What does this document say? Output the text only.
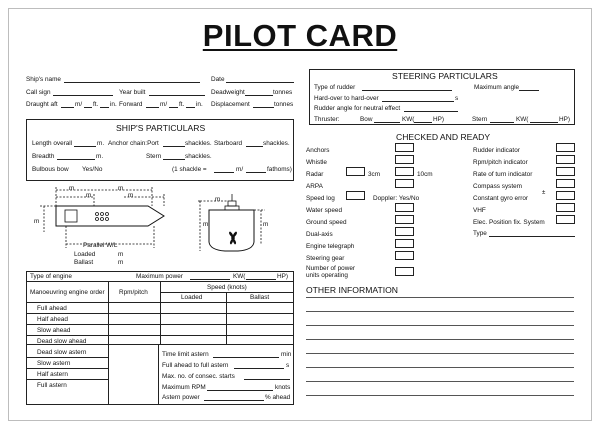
PILOT CARD
Ship's name	Date
Call sign	Year built	Deadweight	tonnes
Draught aft	m/ ft. in. Forward	m/ ft. in. Displacement	tonnes
STEERING PARTICULARS
Type of rudder	Maximum angle
Hard-over to hard-over	s
Rudder angle for neutral effect
Thruster:	Bow	KW(	HP)	Stern	KW(	HP)
SHIP'S PARTICULARS
Length overall	m. Anchor chain:Port	shackles. Starboard	shackles.
Breadth	m.	Stern	shackles.
Bulbous bow Yes/No	(1 shackle =	m/	fathoms)
m	m
m	m
m
m
m	m
Parallel W/L
Loaded	m
Ballast	m
CHECKED AND READY
Anchors
Whistle
Radar	3cm	10cm
ARPA
Speed log	Doppler: Yes/No
Water speed
Ground speed
Dual-axis
Engine telegraph
Steering gear
Number of power
units operating
Rudder indicator
Rpm/pitch indicator
Rate of turn indicator
Compass system
Constant gyro error
±
VHF
Elec. Position fix. System
Type
OTHER INFORMATION
Type of engine	Maximum power	KW(	HP)
Manoeuvring engine order Rpm/pitch
Speed (knots)
Loaded	Ballast
Full ahead
Half ahead
Slow ahead
Dead slow ahead
Dead slow astern
Slow astern
Half astern
Full astern
Time limit astern	min
Full ahead to full astern	s
Max. no. of consec. starts
Maximum RPM	knots
Astern power	% ahead
